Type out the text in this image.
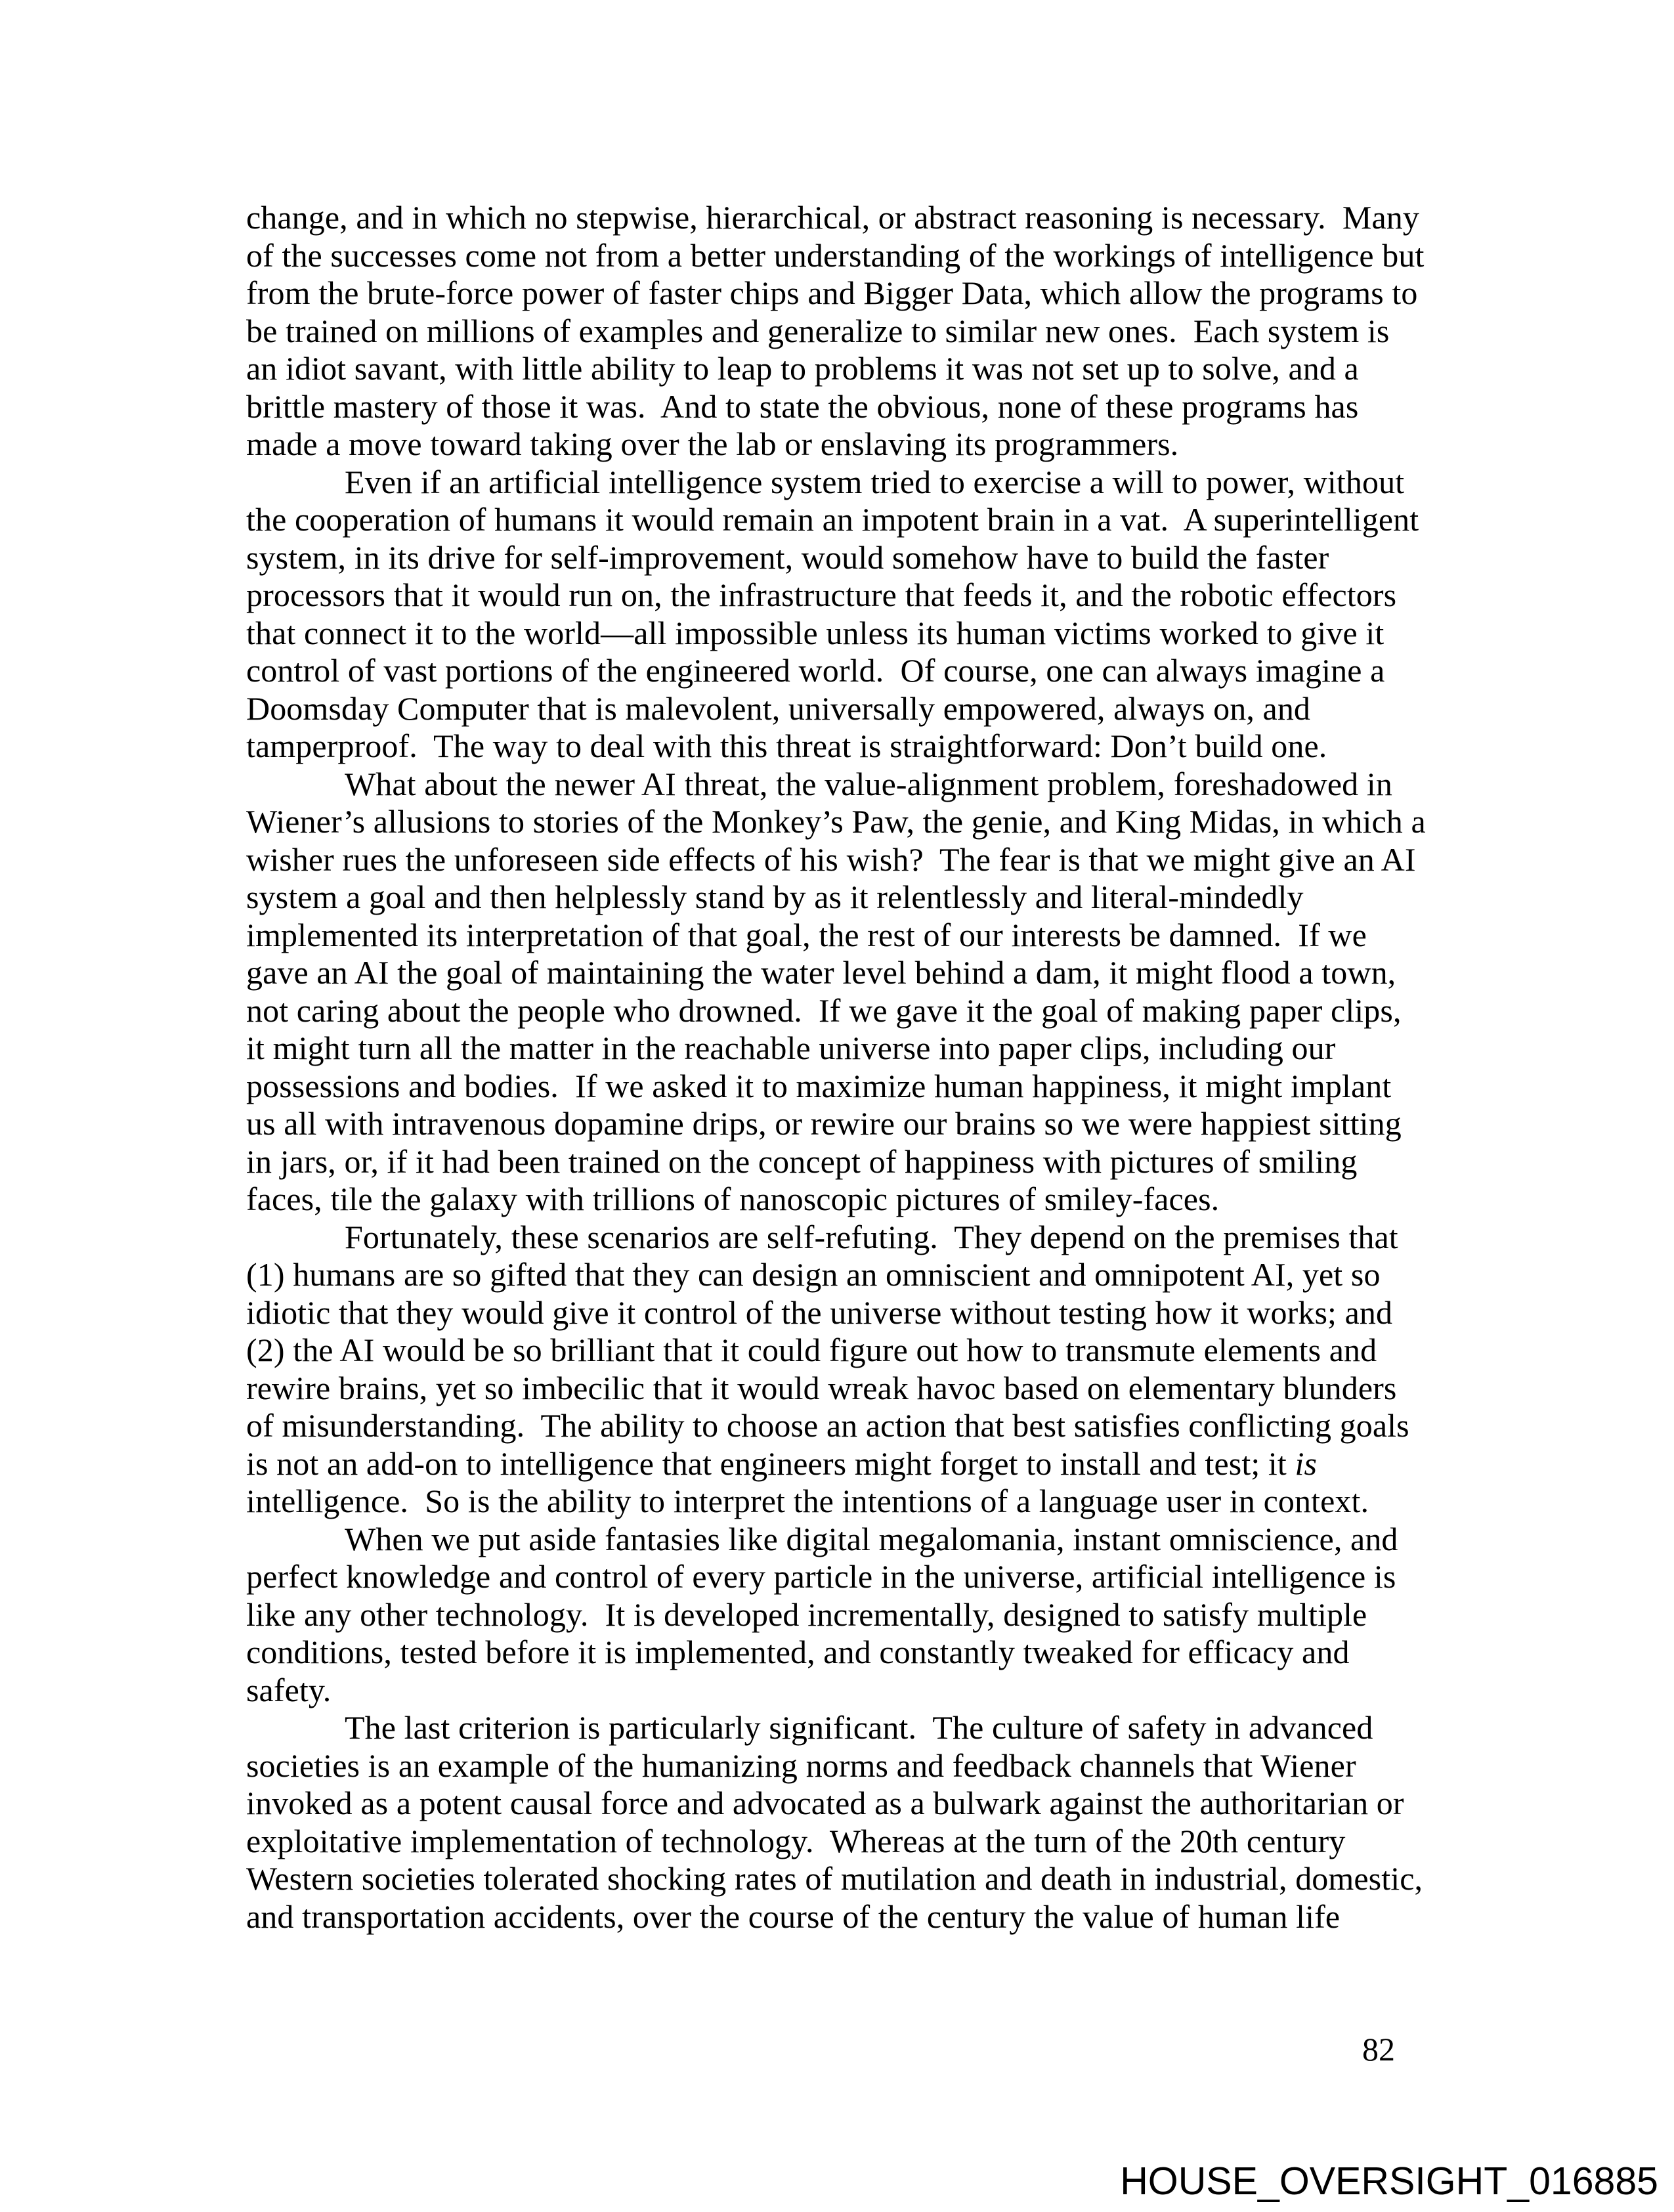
change, and in which no stepwise, hierarchical, or abstract reasoning is necessary.  Many of the successes come not from a better understanding of the workings of intelligence but from the brute-force power of faster chips and Bigger Data, which allow the programs to be trained on millions of examples and generalize to similar new ones.  Each system is an idiot savant, with little ability to leap to problems it was not set up to solve, and a brittle mastery of those it was.  And to state the obvious, none of these programs has made a move toward taking over the lab or enslaving its programmers.

Even if an artificial intelligence system tried to exercise a will to power, without the cooperation of humans it would remain an impotent brain in a vat.  A superintelligent system, in its drive for self-improvement, would somehow have to build the faster processors that it would run on, the infrastructure that feeds it, and the robotic effectors that connect it to the world—all impossible unless its human victims worked to give it control of vast portions of the engineered world.  Of course, one can always imagine a Doomsday Computer that is malevolent, universally empowered, always on, and tamperproof.  The way to deal with this threat is straightforward: Don’t build one.

What about the newer AI threat, the value-alignment problem, foreshadowed in Wiener’s allusions to stories of the Monkey’s Paw, the genie, and King Midas, in which a wisher rues the unforeseen side effects of his wish?  The fear is that we might give an AI system a goal and then helplessly stand by as it relentlessly and literal-mindedly implemented its interpretation of that goal, the rest of our interests be damned.  If we gave an AI the goal of maintaining the water level behind a dam, it might flood a town, not caring about the people who drowned.  If we gave it the goal of making paper clips, it might turn all the matter in the reachable universe into paper clips, including our possessions and bodies.  If we asked it to maximize human happiness, it might implant us all with intravenous dopamine drips, or rewire our brains so we were happiest sitting in jars, or, if it had been trained on the concept of happiness with pictures of smiling faces, tile the galaxy with trillions of nanoscopic pictures of smiley-faces.

Fortunately, these scenarios are self-refuting.  They depend on the premises that (1) humans are so gifted that they can design an omniscient and omnipotent AI, yet so idiotic that they would give it control of the universe without testing how it works; and (2) the AI would be so brilliant that it could figure out how to transmute elements and rewire brains, yet so imbecilic that it would wreak havoc based on elementary blunders of misunderstanding.  The ability to choose an action that best satisfies conflicting goals is not an add-on to intelligence that engineers might forget to install and test; it is intelligence.  So is the ability to interpret the intentions of a language user in context.

When we put aside fantasies like digital megalomania, instant omniscience, and perfect knowledge and control of every particle in the universe, artificial intelligence is like any other technology.  It is developed incrementally, designed to satisfy multiple conditions, tested before it is implemented, and constantly tweaked for efficacy and safety.

The last criterion is particularly significant.  The culture of safety in advanced societies is an example of the humanizing norms and feedback channels that Wiener invoked as a potent causal force and advocated as a bulwark against the authoritarian or exploitative implementation of technology.  Whereas at the turn of the 20th century Western societies tolerated shocking rates of mutilation and death in industrial, domestic, and transportation accidents, over the course of the century the value of human life

82
HOUSE_OVERSIGHT_016885
